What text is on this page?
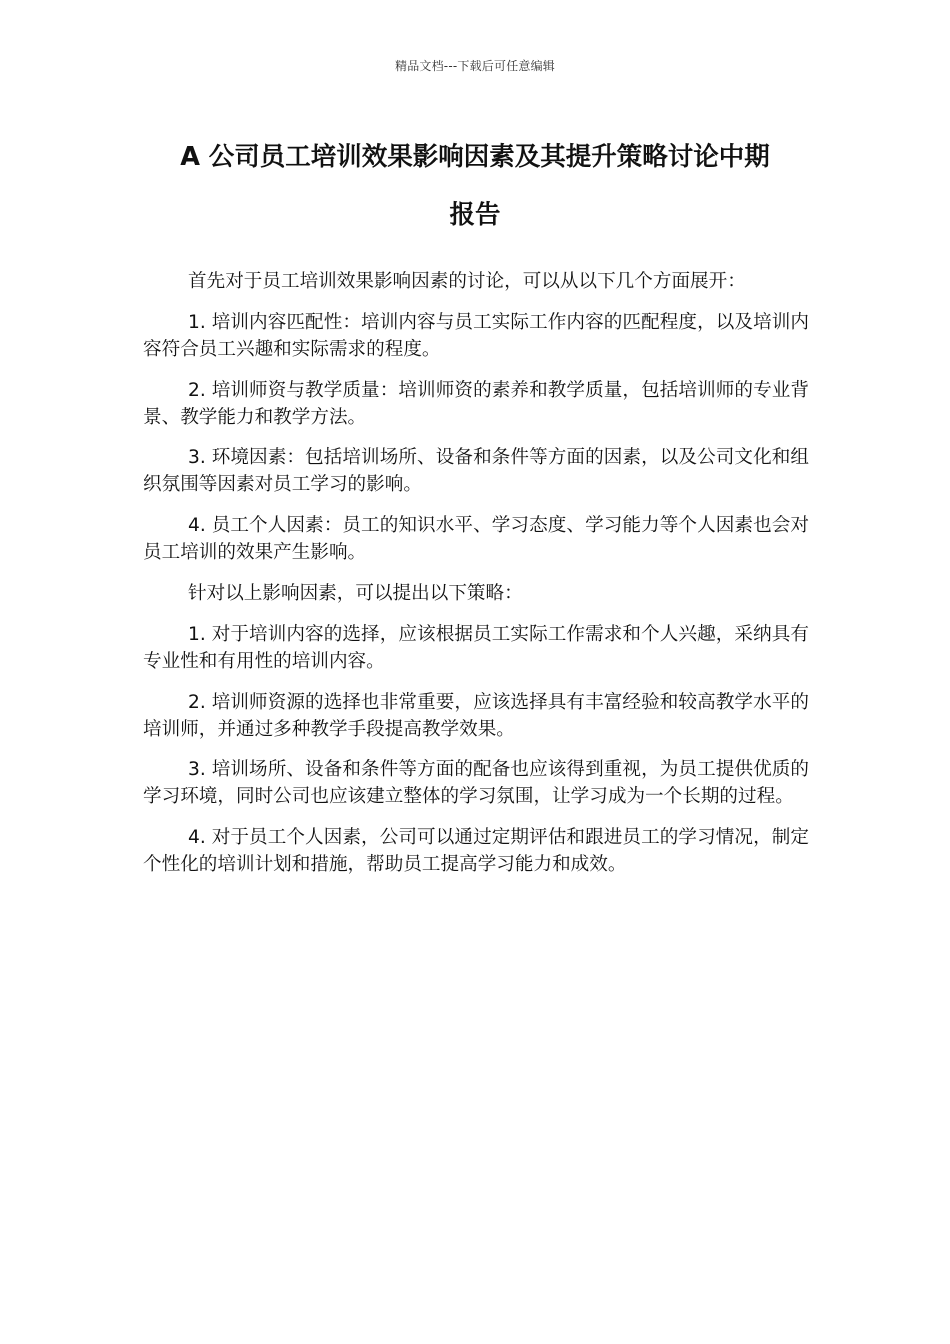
精品文档---下载后可任意编辑
A 公司员工培训效果影响因素及其提升策略讨论中期
报告

首先对于员工培训效果影响因素的讨论，可以从以下几个方面展开：

1. 培训内容匹配性：培训内容与员工实际工作内容的匹配程度，以及培训内容符合员工兴趣和实际需求的程度。

2. 培训师资与教学质量：培训师资的素养和教学质量，包括培训师的专业背景、教学能力和教学方法。

3. 环境因素：包括培训场所、设备和条件等方面的因素，以及公司文化和组织氛围等因素对员工学习的影响。

4. 员工个人因素：员工的知识水平、学习态度、学习能力等个人因素也会对员工培训的效果产生影响。

针对以上影响因素，可以提出以下策略：

1. 对于培训内容的选择，应该根据员工实际工作需求和个人兴趣，采纳具有专业性和有用性的培训内容。

2. 培训师资源的选择也非常重要，应该选择具有丰富经验和较高教学水平的培训师，并通过多种教学手段提高教学效果。

3. 培训场所、设备和条件等方面的配备也应该得到重视，为员工提供优质的学习环境，同时公司也应该建立整体的学习氛围，让学习成为一个长期的过程。

4. 对于员工个人因素，公司可以通过定期评估和跟进员工的学习情况，制定个性化的培训计划和措施，帮助员工提高学习能力和成效。
